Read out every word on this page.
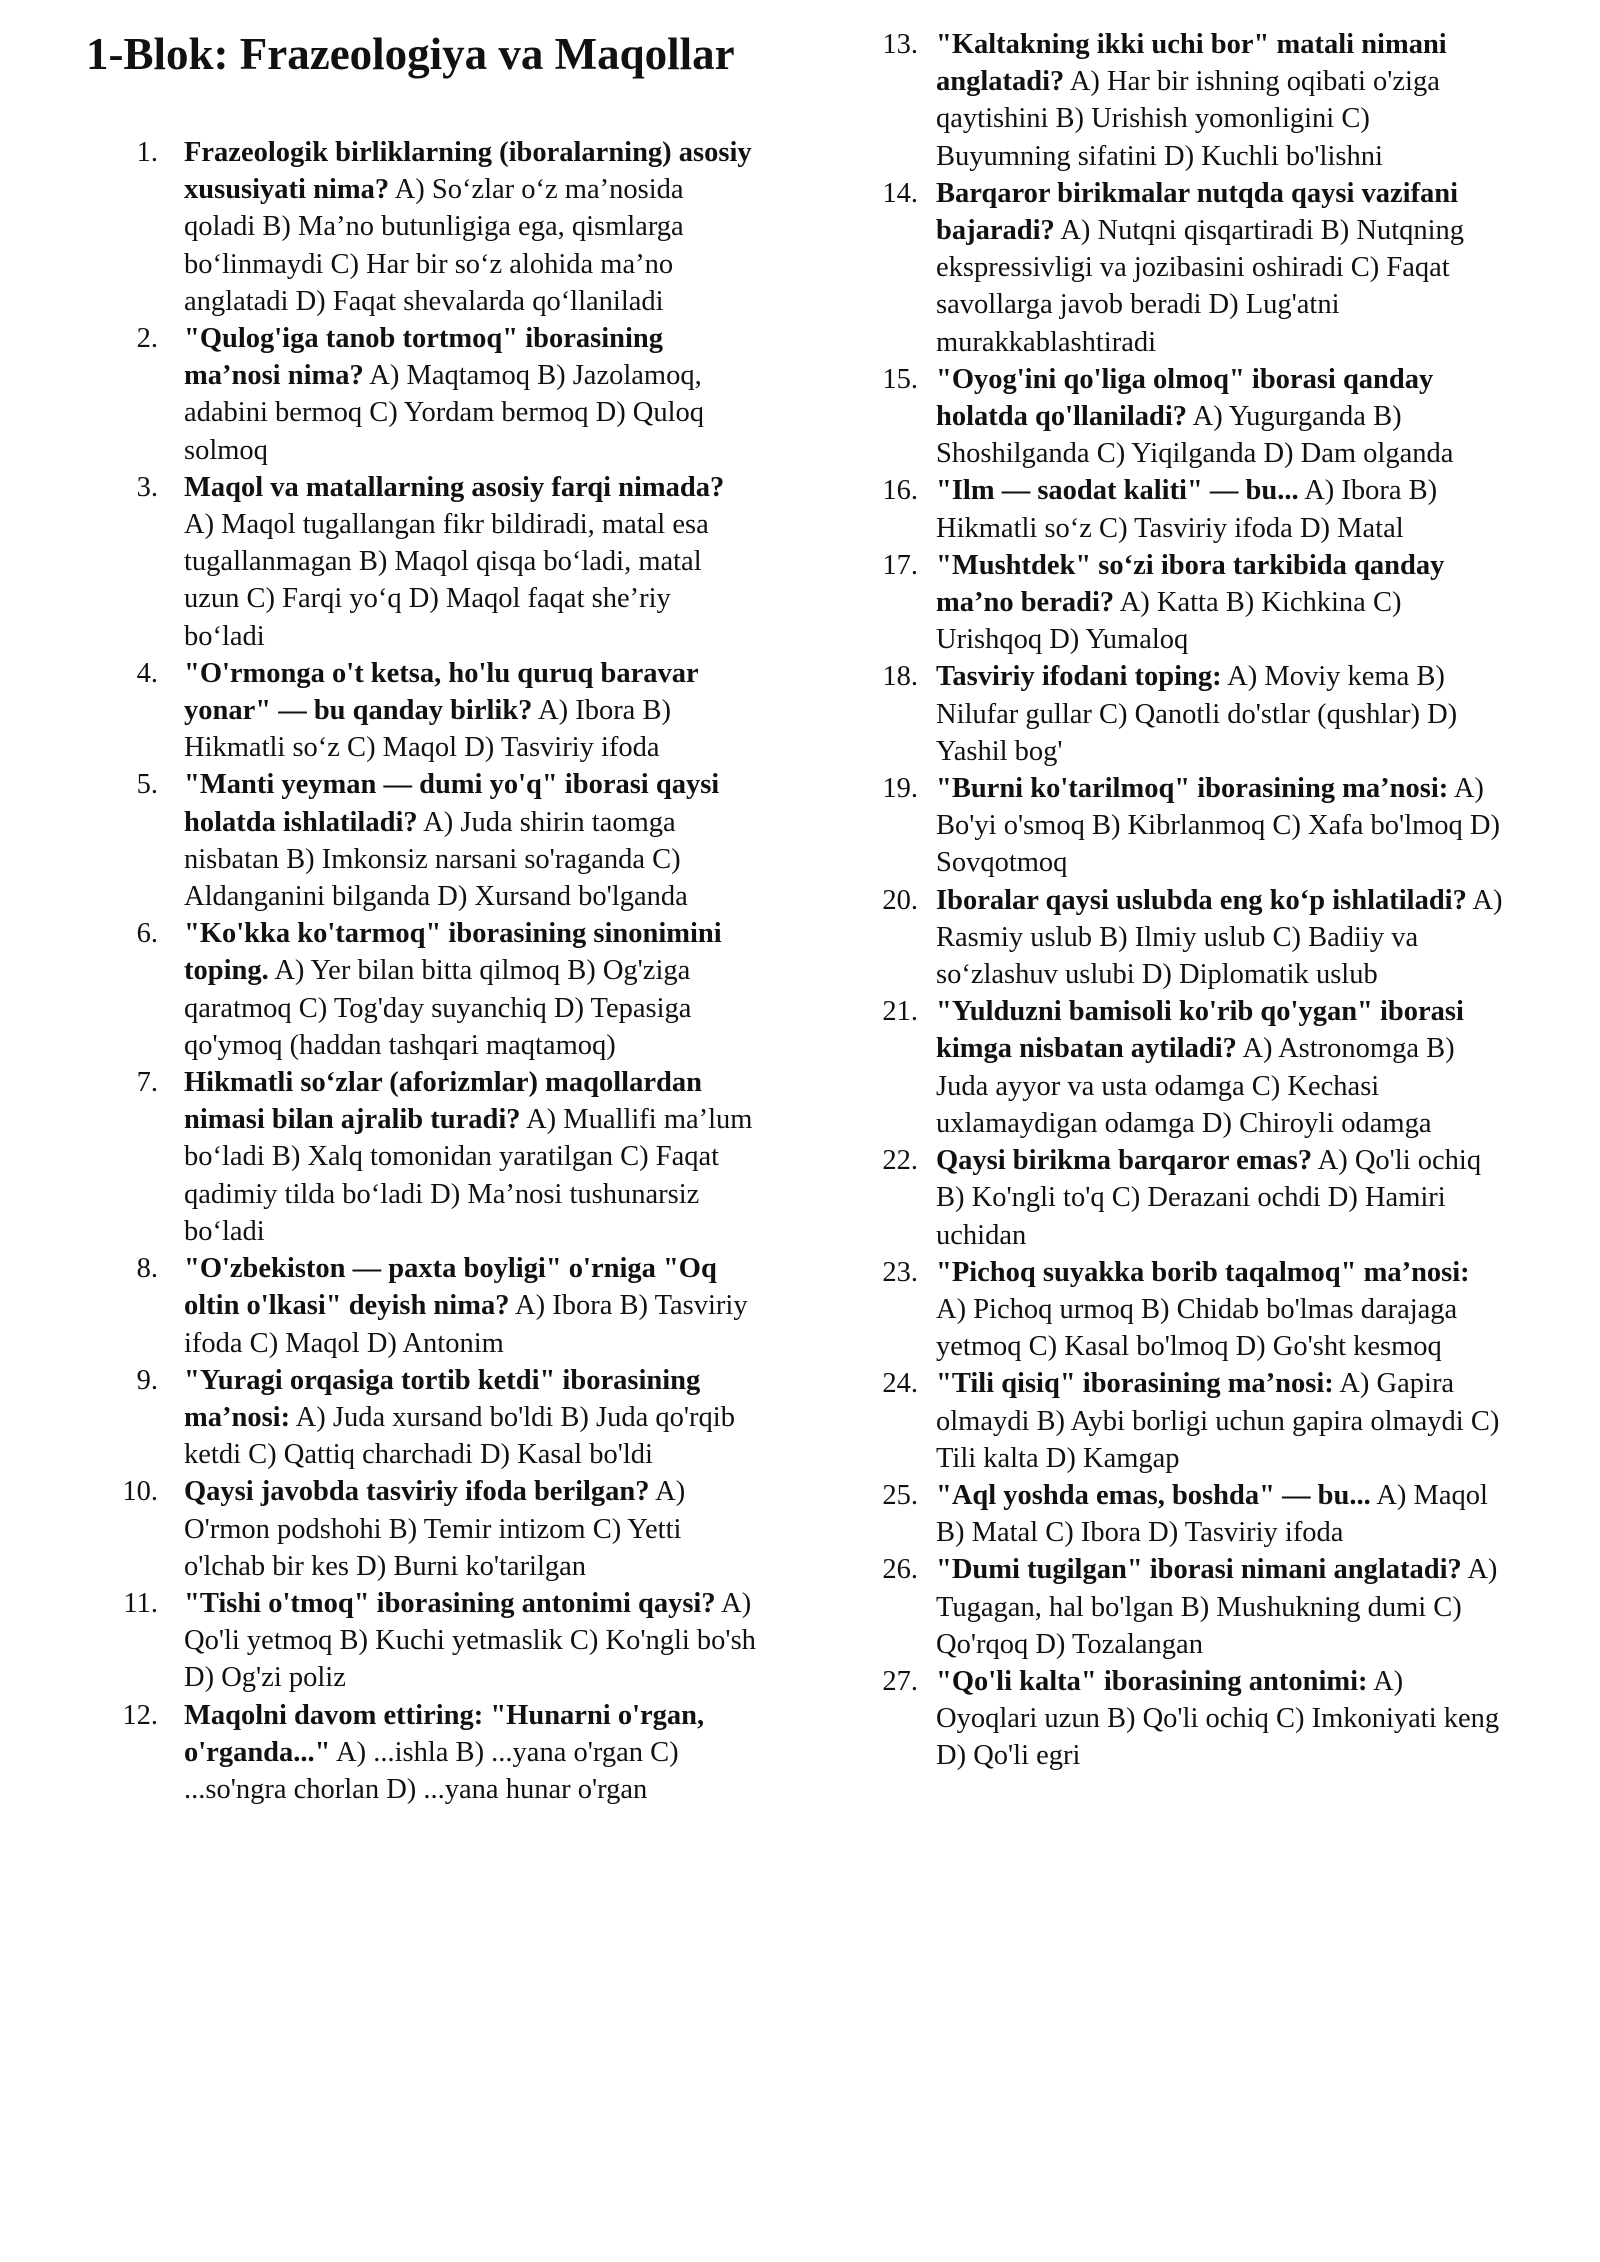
1-Blok: Frazeologiya va Maqollar
1. Frazeologik birliklarning (iboralarning) asosiy xususiyati nima? A) So‘zlar o‘z ma’nosida qoladi B) Ma’no butunligiga ega, qismlarga bo‘linmaydi C) Har bir so‘z alohida ma’no anglatadi D) Faqat shevalarda qo‘llaniladi
2. "Qulog'iga tanob tortmoq" iborasining ma’nosi nima? A) Maqtamoq B) Jazolamoq, adabini bermoq C) Yordam bermoq D) Quloq solmoq
3. Maqol va matallarning asosiy farqi nimada? A) Maqol tugallangan fikr bildiradi, matal esa tugallanmagan B) Maqol qisqa bo‘ladi, matal uzun C) Farqi yo‘q D) Maqol faqat she’riy bo‘ladi
4. "O'rmonga o't ketsa, ho'lu quruq baravar yonar" — bu qanday birlik? A) Ibora B) Hikmatli so‘z C) Maqol D) Tasviriy ifoda
5. "Manti yeyman — dumi yo'q" iborasi qaysi holatda ishlatiladi? A) Juda shirin taomga nisbatan B) Imkonsiz narsani so'raganda C) Aldanganini bilganda D) Xursand bo'lganda
6. "Ko'kka ko'tarmoq" iborasining sinonimini toping. A) Yer bilan bitta qilmoq B) Og'ziga qaratmoq C) Tog'day suyanchiq D) Tepasiga qo'ymoq (haddan tashqari maqtamoq)
7. Hikmatli so‘zlar (aforizmlar) maqollardan nimasi bilan ajralib turadi? A) Muallifi ma’lum bo‘ladi B) Xalq tomonidan yaratilgan C) Faqat qadimiy tilda bo‘ladi D) Ma’nosi tushunarsiz bo‘ladi
8. "O'zbekiston — paxta boyligi" o'rniga "Oq oltin o'lkasi" deyish nima? A) Ibora B) Tasviriy ifoda C) Maqol D) Antonim
9. "Yuragi orqasiga tortib ketdi" iborasining ma’nosi: A) Juda xursand bo'ldi B) Juda qo'rqib ketdi C) Qattiq charchadi D) Kasal bo'ldi
10. Qaysi javobda tasviriy ifoda berilgan? A) O'rmon podshohi B) Temir intizom C) Yetti o'lchab bir kes D) Burni ko'tarilgan
11. "Tishi o'tmoq" iborasining antonimi qaysi? A) Qo'li yetmoq B) Kuchi yetmaslik C) Ko'ngli bo'sh D) Og'zi poliz
12. Maqolni davom ettiring: "Hunarni o'rgan, o'rganda..." A) ...ishla B) ...yana o'rgan C) ...so'ngra chorlan D) ...yana hunar o'rgan
13. "Kaltakning ikki uchi bor" matali nimani anglatadi? A) Har bir ishning oqibati o'ziga qaytishini B) Urishish yomonligini C) Buyumning sifatini D) Kuchli bo'lishni
14. Barqaror birikmalar nutqda qaysi vazifani bajaradi? A) Nutqni qisqartiradi B) Nutqning ekspressivligi va jozibasini oshiradi C) Faqat savollarga javob beradi D) Lug'atni murakkablashtiradi
15. "Oyog'ini qo'liga olmoq" iborasi qanday holatda qo'llaniladi? A) Yugurganda B) Shoshilganda C) Yiqilganda D) Dam olganda
16. "Ilm — saodat kaliti" — bu... A) Ibora B) Hikmatli so‘z C) Tasviriy ifoda D) Matal
17. "Mushtdek" so‘zi ibora tarkibida qanday ma’no beradi? A) Katta B) Kichkina C) Urishqoq D) Yumaloq
18. Tasviriy ifodani toping: A) Moviy kema B) Nilufar gullar C) Qanotli do'stlar (qushlar) D) Yashil bog'
19. "Burni ko'tarilmoq" iborasining ma’nosi: A) Bo'yi o'smoq B) Kibrlanmoq C) Xafa bo'lmoq D) Sovqotmoq
20. Iboralar qaysi uslubda eng ko‘p ishlatiladi? A) Rasmiy uslub B) Ilmiy uslub C) Badiiy va so‘zlashuv uslubi D) Diplomatik uslub
21. "Yulduzni bamisoli ko'rib qo'ygan" iborasi kimga nisbatan aytiladi? A) Astronomga B) Juda ayyor va usta odamga C) Kechasi uxlamaydigan odamga D) Chiroyli odamga
22. Qaysi birikma barqaror emas? A) Qo'li ochiq B) Ko'ngli to'q C) Derazani ochdi D) Hamiri uchidan
23. "Pichoq suyakka borib taqalmoq" ma’nosi: A) Pichoq urmoq B) Chidab bo'lmas darajaga yetmoq C) Kasal bo'lmoq D) Go'sht kesmoq
24. "Tili qisiq" iborasining ma’nosi: A) Gapira olmaydi B) Aybi borligi uchun gapira olmaydi C) Tili kalta D) Kamgap
25. "Aql yoshda emas, boshda" — bu... A) Maqol B) Matal C) Ibora D) Tasviriy ifoda
26. "Dumi tugilgan" iborasi nimani anglatadi? A) Tugagan, hal bo'lgan B) Mushukning dumi C) Qo'rqoq D) Tozalangan
27. "Qo'li kalta" iborasining antonimi: A) Oyoqlari uzun B) Qo'li ochiq C) Imkoniyati keng D) Qo'li egri
